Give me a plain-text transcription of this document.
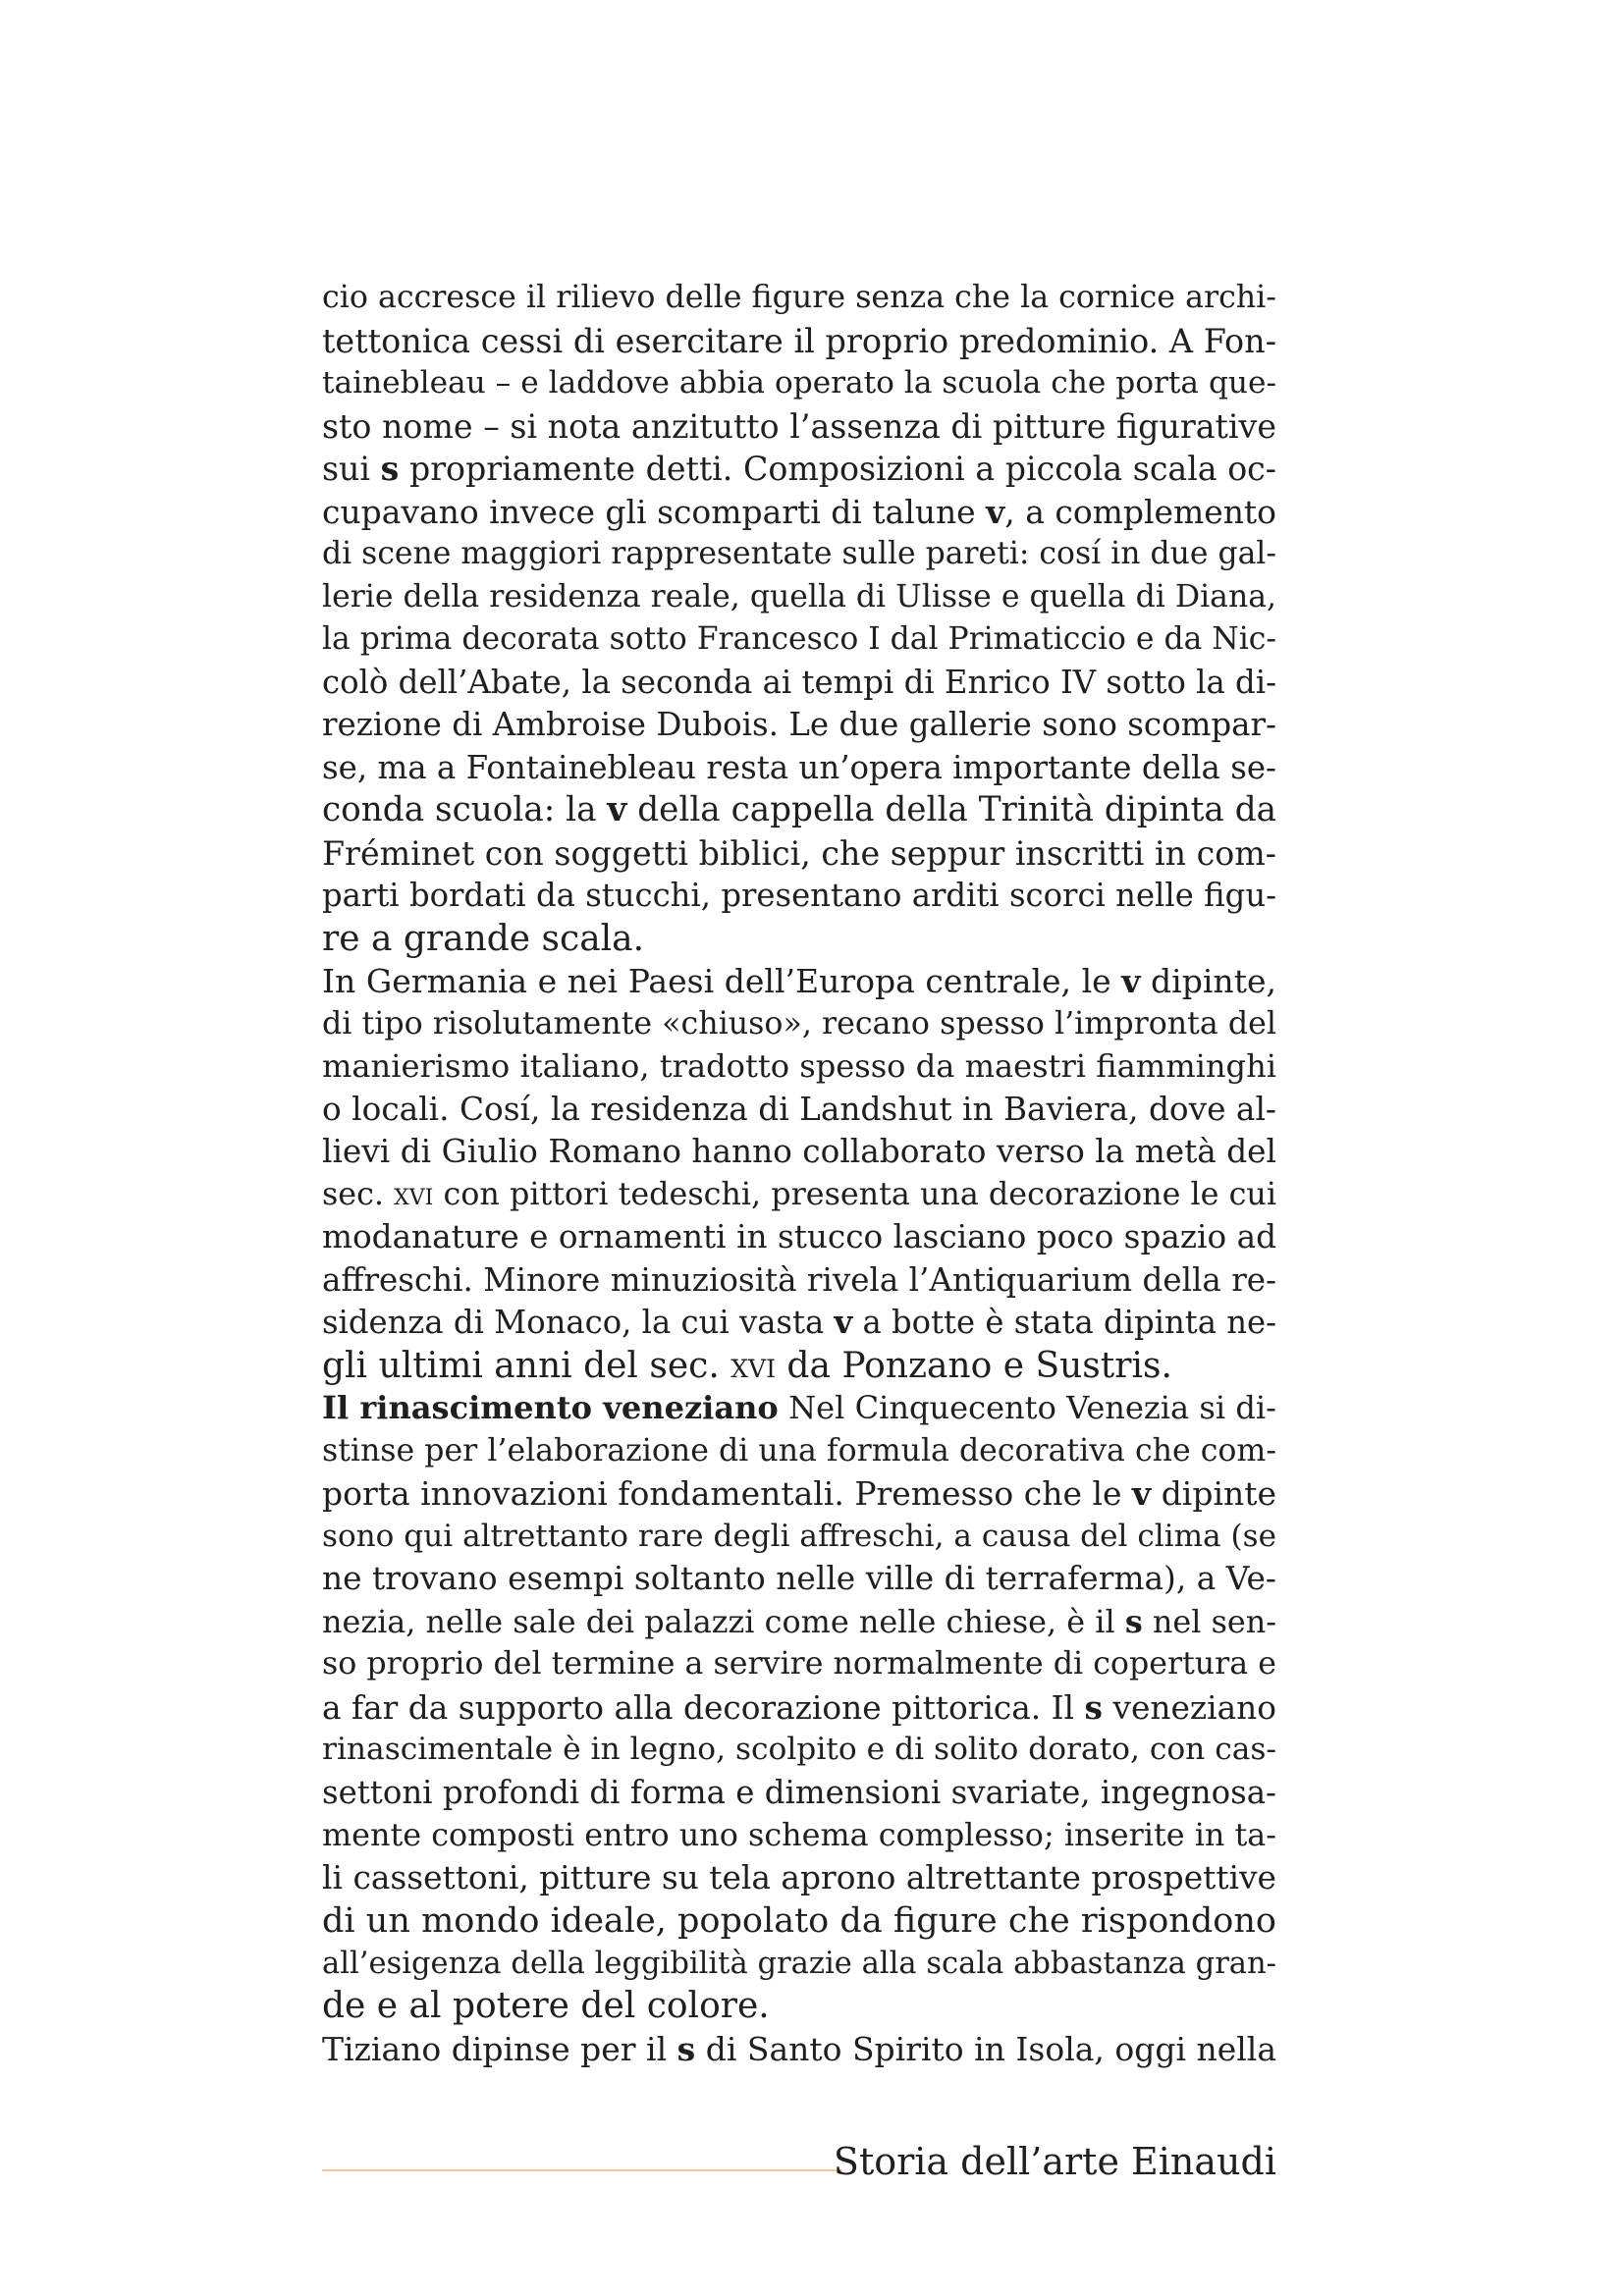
cio accresce il rilievo delle figure senza che la cornice archi-
tettonica cessi di esercitare il proprio predominio. A Fon-
tainebleau – e laddove abbia operato la scuola che porta que-
sto nome – si nota anzitutto l’assenza di pitture figurative
sui s propriamente detti. Composizioni a piccola scala oc-
cupavano invece gli scomparti di talune v, a complemento
di scene maggiori rappresentate sulle pareti: cosí in due gal-
lerie della residenza reale, quella di Ulisse e quella di Diana,
la prima decorata sotto Francesco I dal Primaticcio e da Nic-
colò dell’Abate, la seconda ai tempi di Enrico IV sotto la di-
rezione di Ambroise Dubois. Le due gallerie sono scompar-
se, ma a Fontainebleau resta un’opera importante della se-
conda scuola: la v della cappella della Trinità dipinta da
Fréminet con soggetti biblici, che seppur inscritti in com-
parti bordati da stucchi, presentano arditi scorci nelle figu-
re a grande scala.
In Germania e nei Paesi dell’Europa centrale, le v dipinte,
di tipo risolutamente «chiuso», recano spesso l’impronta del
manierismo italiano, tradotto spesso da maestri fiamminghi
o locali. Cosí, la residenza di Landshut in Baviera, dove al-
lievi di Giulio Romano hanno collaborato verso la metà del
sec. xvi con pittori tedeschi, presenta una decorazione le cui
modanature e ornamenti in stucco lasciano poco spazio ad
affreschi. Minore minuziosità rivela l’Antiquarium della re-
sidenza di Monaco, la cui vasta v a botte è stata dipinta ne-
gli ultimi anni del sec. xvi da Ponzano e Sustris.
Il rinascimento veneziano Nel Cinquecento Venezia si di-
stinse per l’elaborazione di una formula decorativa che com-
porta innovazioni fondamentali. Premesso che le v dipinte
sono qui altrettanto rare degli affreschi, a causa del clima (se
ne trovano esempi soltanto nelle ville di terraferma), a Ve-
nezia, nelle sale dei palazzi come nelle chiese, è il s nel sen-
so proprio del termine a servire normalmente di copertura e
a far da supporto alla decorazione pittorica. Il s veneziano
rinascimentale è in legno, scolpito e di solito dorato, con cas-
settoni profondi di forma e dimensioni svariate, ingegnosa-
mente composti entro uno schema complesso; inserite in ta-
li cassettoni, pitture su tela aprono altrettante prospettive
di un mondo ideale, popolato da figure che rispondono
all’esigenza della leggibilità grazie alla scala abbastanza gran-
de e al potere del colore.
Tiziano dipinse per il s di Santo Spirito in Isola, oggi nella
Storia dell’arte Einaudi
